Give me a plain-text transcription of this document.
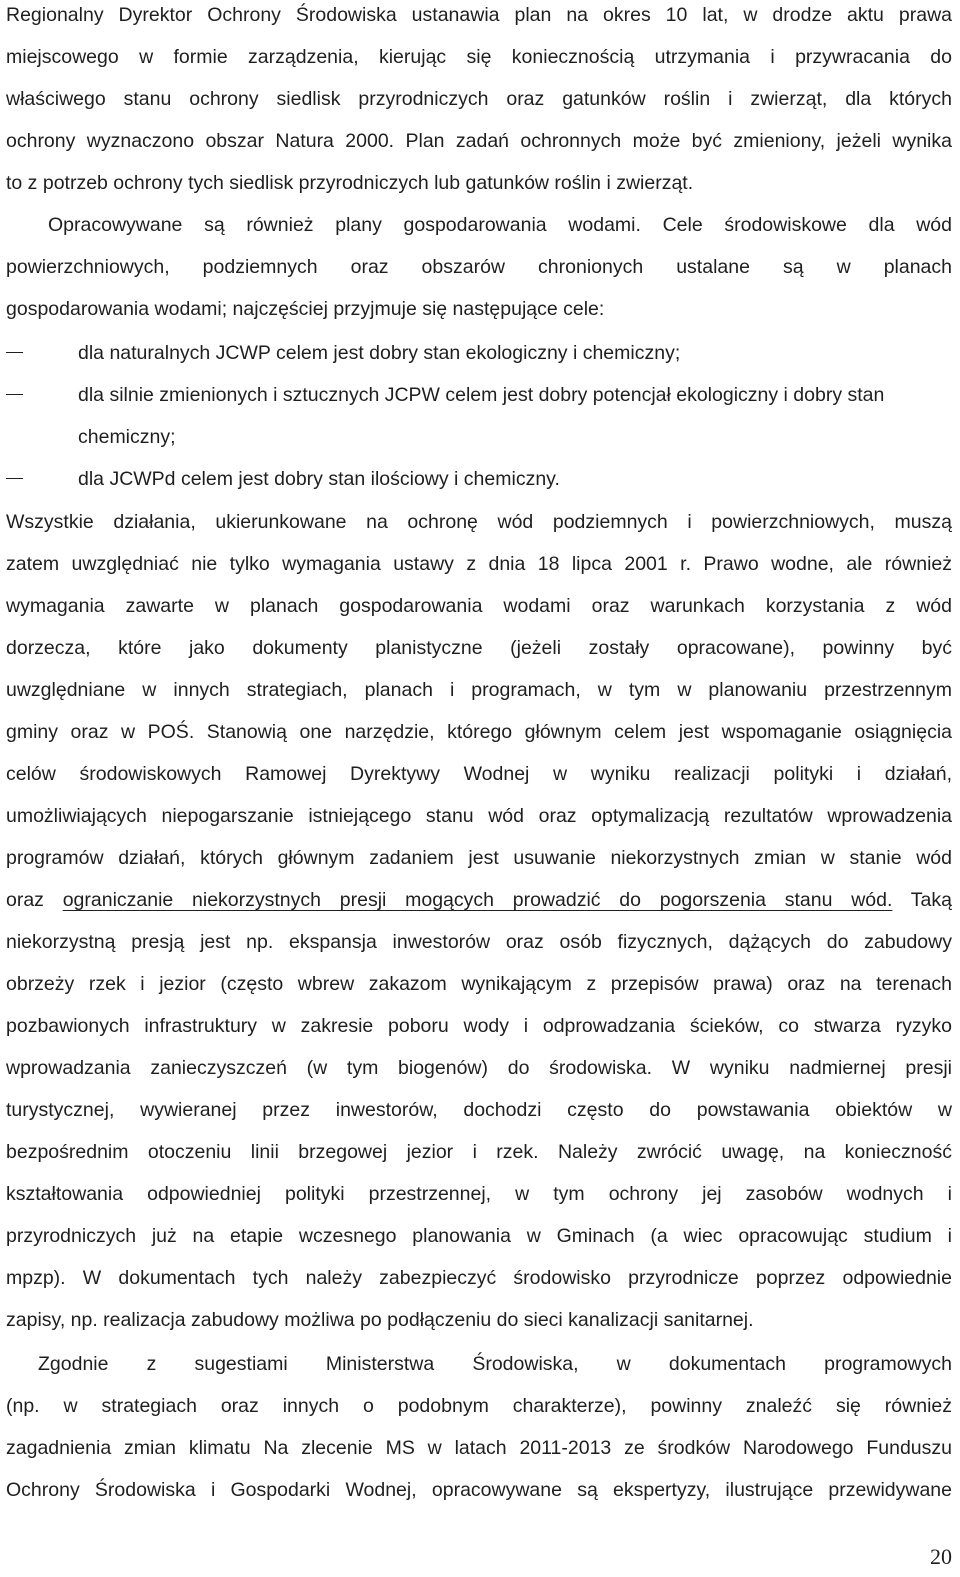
Regionalny Dyrektor Ochrony Środowiska ustanawia plan na okres 10 lat, w drodze aktu prawa
miejscowego w formie zarządzenia, kierując się koniecznością utrzymania i przywracania do
właściwego stanu ochrony siedlisk przyrodniczych oraz gatunków roślin i zwierząt, dla których
ochrony wyznaczono obszar Natura 2000. Plan zadań ochronnych może być zmieniony, jeżeli wynika
to z potrzeb ochrony tych siedlisk przyrodniczych lub gatunków roślin i zwierząt.
Opracowywane są również plany gospodarowania wodami. Cele środowiskowe dla wód
powierzchniowych, podziemnych oraz obszarów chronionych ustalane są w planach
gospodarowania wodami; najczęściej przyjmuje się następujące cele:
dla naturalnych JCWP celem jest dobry stan ekologiczny i chemiczny;
dla silnie zmienionych i sztucznych JCPW celem jest dobry potencjał ekologiczny i dobry stan
chemiczny;
dla JCWPd celem jest dobry stan ilościowy i chemiczny.
Wszystkie działania, ukierunkowane na ochronę wód podziemnych i powierzchniowych, muszą
zatem uwzględniać nie tylko wymagania ustawy z dnia 18 lipca 2001 r. Prawo wodne, ale również
wymagania zawarte w planach gospodarowania wodami oraz warunkach korzystania z wód
dorzecza, które jako dokumenty planistyczne (jeżeli zostały opracowane), powinny być
uwzględniane w innych strategiach, planach i programach, w tym w planowaniu przestrzennym
gminy oraz w POŚ. Stanowią one narzędzie, którego głównym celem jest wspomaganie osiągnięcia
celów środowiskowych Ramowej Dyrektywy Wodnej w wyniku realizacji polityki i działań,
umożliwiających niepogarszanie istniejącego stanu wód oraz optymalizacją rezultatów wprowadzenia
programów działań, których głównym zadaniem jest usuwanie niekorzystnych zmian w stanie wód
oraz ograniczanie niekorzystnych presji mogących prowadzić do pogorszenia stanu wód. Taką
niekorzystną presją jest np. ekspansja inwestorów oraz osób fizycznych, dążących do zabudowy
obrzeży rzek i jezior (często wbrew zakazom wynikającym z przepisów prawa) oraz na terenach
pozbawionych infrastruktury w zakresie poboru wody i odprowadzania ścieków, co stwarza ryzyko
wprowadzania zanieczyszczeń (w tym biogenów) do środowiska. W wyniku nadmiernej presji
turystycznej, wywieranej przez inwestorów, dochodzi często do powstawania obiektów w
bezpośrednim otoczeniu linii brzegowej jezior i rzek. Należy zwrócić uwagę, na konieczność
kształtowania odpowiedniej polityki przestrzennej, w tym ochrony jej zasobów wodnych i
przyrodniczych już na etapie wczesnego planowania w Gminach (a wiec opracowując studium i
mpzp). W dokumentach tych należy zabezpieczyć środowisko przyrodnicze poprzez odpowiednie
zapisy, np. realizacja zabudowy możliwa po podłączeniu do sieci kanalizacji sanitarnej.
Zgodnie z sugestiami Ministerstwa Środowiska, w dokumentach programowych
(np. w strategiach oraz innych o podobnym charakterze), powinny znaleźć się również
zagadnienia zmian klimatu Na zlecenie MS w latach 2011-2013 ze środków Narodowego Funduszu
Ochrony Środowiska i Gospodarki Wodnej, opracowywane są ekspertyzy, ilustrujące przewidywane
20
